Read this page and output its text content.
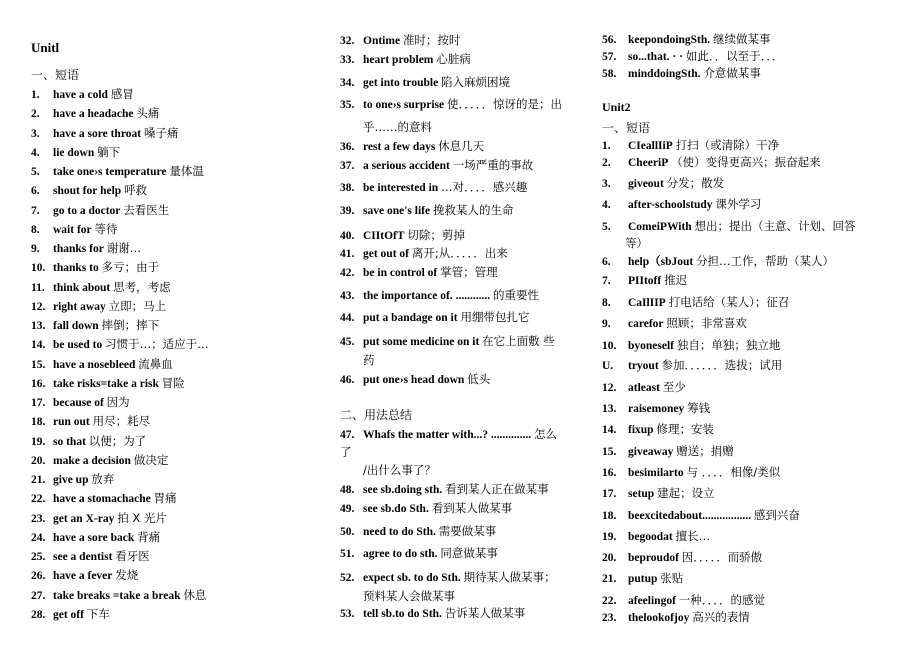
Unitl
一、短语
1. have a cold 感冒
2. have a headache 头痛
3. have a sore throat 嗓子痛
4. lie down 躺下
5. take one›s temperature 量体温
6. shout for help 呼救
7. go to a doctor 去看医生
8. wait for 等待
9. thanks for 谢谢…
10. thanks to 多亏；由于
11. think about 思考，考虑
12. right away 立即；马上
13. fall down 摔倒；摔下
14. be used to 习惯于…；适应于…
15. have a nosebleed 流鼻血
16. take risks=take a risk 冒险
17. because of 因为
18. run out 用尽；耗尽
19. so that 以便；为了
20. make a decision 做决定
21. give up 放弃
22. have a stomachache 胃痛
23. get an X-ray 拍 X 光片
24. have a sore back 背痛
25. see a dentist 看牙医
26. have a fever 发烧
27. take breaks =take a break 休息
28. get off 下车
32. Ontime 准时；按时
33. heart problem 心脏病
34. get into trouble 陷入麻烦困境
35. to one›s surprise 使．．．．．惊讶的是；出
36. rest a few days 休息几天
37. a serious accident 一场严重的事故
38. be interested in …对．．．．感兴趣
39. save one's life 挽救某人的生命
40. CIItOfT 切除；剪掉
41. get out of 离开;从．．．．．出来
42. be in control of 掌管；管理
43. the importance of. ............ 的重要性
44. put a bandage on it 用绷带包扎它
45. put some medicine on it 在它上面敷 些
46. put one›s head down 低头
乎……的意料
药
二、用法总结
47. Whafs the matter with...? .............. 怎么
48. see sb.doing sth. 看到某人正在做某事
49. see sb.do Sth. 看到某人做某事
50. need to do Sth. 需要做某事
51. agree to do sth. 同意做某事
52. expect sb. to do Sth. 期待某人做某事；
53. tell sb.to do Sth. 告诉某人做某事
了
/出什么事了？
预料某人会做某事
56. keepondoingSth. 继续做某事
57. so...that. · · 如此．．以至于．．．
58. minddoingSth. 介意做某事
Unit2
一、短语
1. CIeallIiP 打扫（或清除）干净
2. CheeriP （使）变得更高兴；振奋起来
3. giveout 分发；散发
4. after-schoolstudy 课外学习
5. ComeiPWith 想出；提出（主意、计划、回答
6. help（sbJout 分担…工作，帮助（某人）
7. PIItoff 推迟
8. CaIlIIP 打电话给（某人）；征召
9. carefor 照顾；非常喜欢
10. byoneself 独自；单独；独立地
U. tryout 参加．．．．．．选拔；试用
12. atleast 至少
13. raisemoney 筹钱
14. fixup 修理；安装
15. giveaway 赠送；捐赠
16. besimilarto 与 ．．．．相像/类似
17. setup 建起；设立
18. beexcitedabout................. 感到兴奋
19. begoodat 擅长…
20. beproudof 因．．．．．而骄傲
21. putup 张贴
22. afeelingof 一种．．．．的感觉
23. thelookofjoy 高兴的表情
等）
